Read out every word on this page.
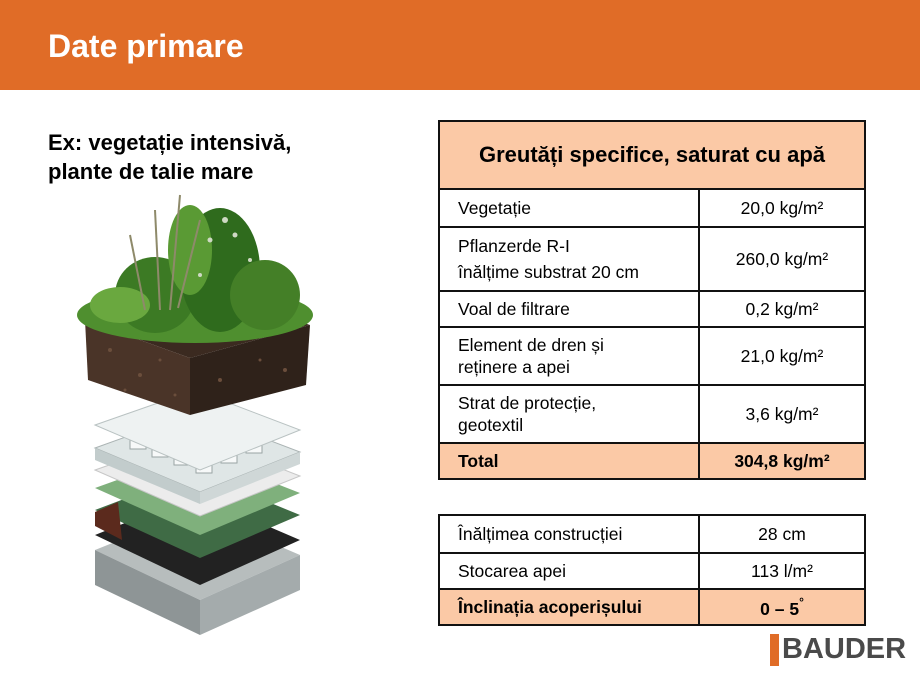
Date primare
Ex: vegetație intensivă,
plante de talie mare
Greutăți specifice, saturat cu apă	
Vegetație	20,0 kg/m²

Pflanzerde R-I
înălțime substrat 20 cm	260,0 kg/m²
Voal de filtrare	0,2 kg/m²

Element de dren și
reținere a apei	21,0 kg/m²

Strat de protecție,
geotextil	3,6 kg/m²
Total	304,8 kg/m²
Înălțimea construcției	28 cm
Stocarea apei	113 l/m²
Înclinația acoperișului	0 – 5°
BAUDER
